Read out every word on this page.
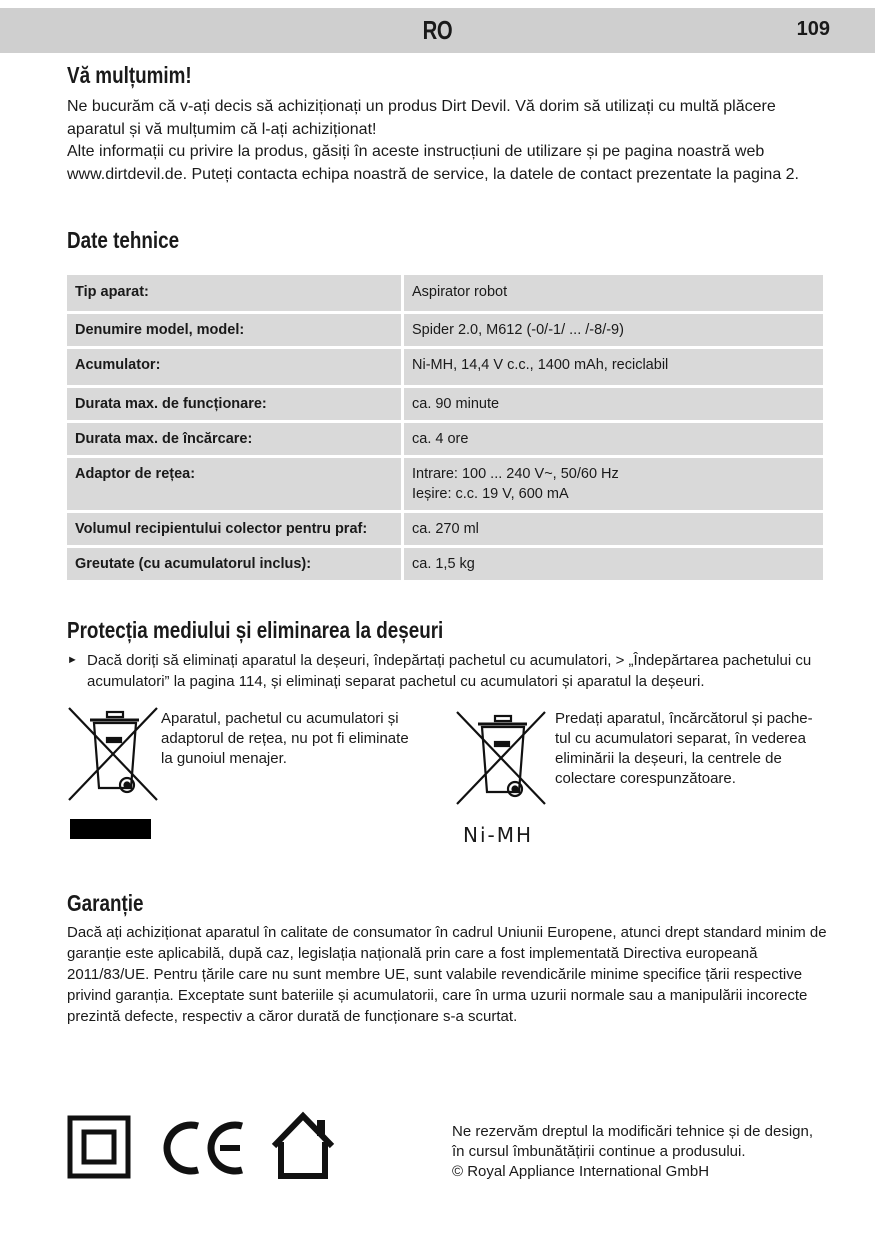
RO	109
Vă mulțumim!

Ne bucurăm că v-ați decis să achiziționați un produs Dirt Devil. Vă dorim să utilizați cu multă plăcere aparatul și vă mulțumim că l-ați achiziționat!

Alte informații cu privire la produs, găsiți în aceste instrucțiuni de utilizare și pe pagina noastră web www.dirtdevil.de. Puteți contacta echipa noastră de service, la datele de contact prezentate la pagina 2.

Date tehnice
Tip aparat:	Aspirator robot
Denumire model, model:	Spider 2.0, M612 (-0/-1/ ... /-8/-9)
Acumulator:	Ni-MH, 14,4 V c.c., 1400 mAh, reciclabil
Durata max. de funcționare:	ca. 90 minute
Durata max. de încărcare:	ca. 4 ore
Adaptor de rețea:	Intrare: 100 ... 240 V~, 50/60 Hz
Ieșire: c.c. 19 V, 600 mA

Volumul recipientului colector pentru praf:	ca. 270 ml
Greutate (cu acumulatorul inclus):	ca. 1,5 kg
Protecția mediului și eliminarea la deșeuri
► Dacă doriți să eliminați aparatul la deșeuri, îndepărtați pachetul cu acumulatori, > „Îndepărtarea pachetului cu acumulatori” la pagina 114, și eliminați separat pachetul cu acumulatori și aparatul la deșeuri.

Aparatul, pachetul cu acumulatori și
adaptorul de rețea, nu pot fi eliminate
la gunoiul menajer.

Predați aparatul, încărcătorul și pache-
tul cu acumulatori separat, în vederea
eliminării la deșeuri, la centrele de
colectare corespunzătoare.

Ni-MH
Garanție

Dacă ați achiziționat aparatul în calitate de consumator în cadrul Uniunii Europene, atunci drept standard minim de garanție este aplicabilă, după caz, legislația națională prin care a fost implementată Directiva europeană 2011/83/UE. Pentru țările care nu sunt membre UE, sunt valabile revendicările minime specifice țării respective privind garanția. Exceptate sunt bateriile și acumulatorii, care în urma uzurii normale sau a manipulării incorecte prezintă defecte, respectiv a căror durată de funcționare s-a scurtat.

Ne rezervăm dreptul la modificări tehnice și de design,
în cursul îmbunătățirii continue a produsului.
© Royal Appliance International GmbH
